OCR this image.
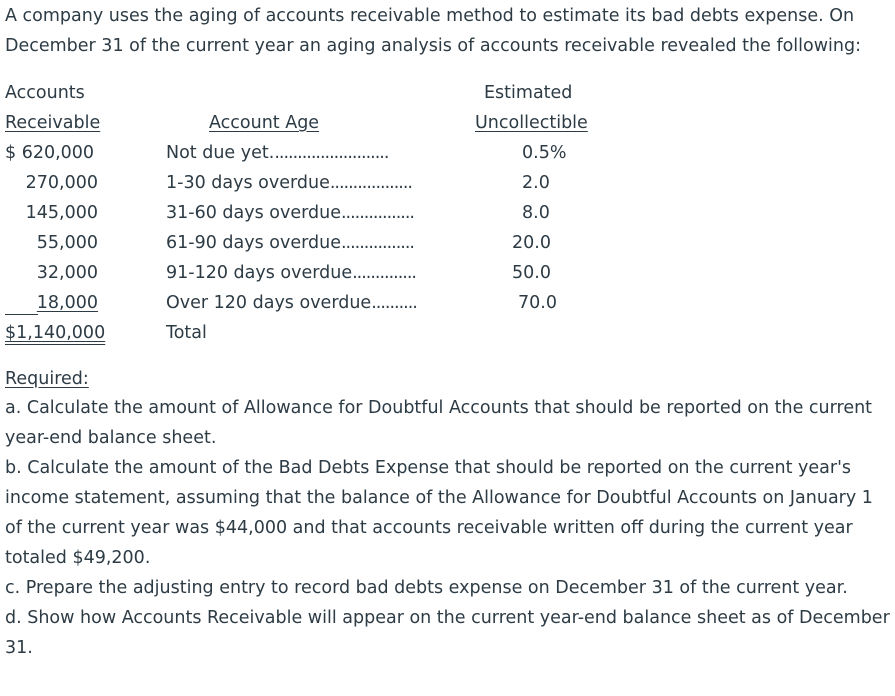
A company uses the aging of accounts receivable method to estimate its bad debts expense. On
December 31 of the current year an aging analysis of accounts receivable revealed the following:
Accounts
Receivable	Account Age
Estimated
Uncollectible
$ 620,000	Not due yet..........................	0.5%
270,000	1-30 days overdue..................	2.0
145,000	31-60 days overdue................	8.0
55,000	61-90 days overdue................	20.0
32,000	91-120 days overdue..............	50.0
18,000	Over 120 days overdue..........	70.0
$1,140,000	Total
Required:
a. Calculate the amount of Allowance for Doubtful Accounts that should be reported on the current
year-end balance sheet.
b. Calculate the amount of the Bad Debts Expense that should be reported on the current year's
income statement, assuming that the balance of the Allowance for Doubtful Accounts on January 1
of the current year was $44,000 and that accounts receivable written off during the current year
totaled $49,200.
c. Prepare the adjusting entry to record bad debts expense on December 31 of the current year.
d. Show how Accounts Receivable will appear on the current year-end balance sheet as of December
31.
